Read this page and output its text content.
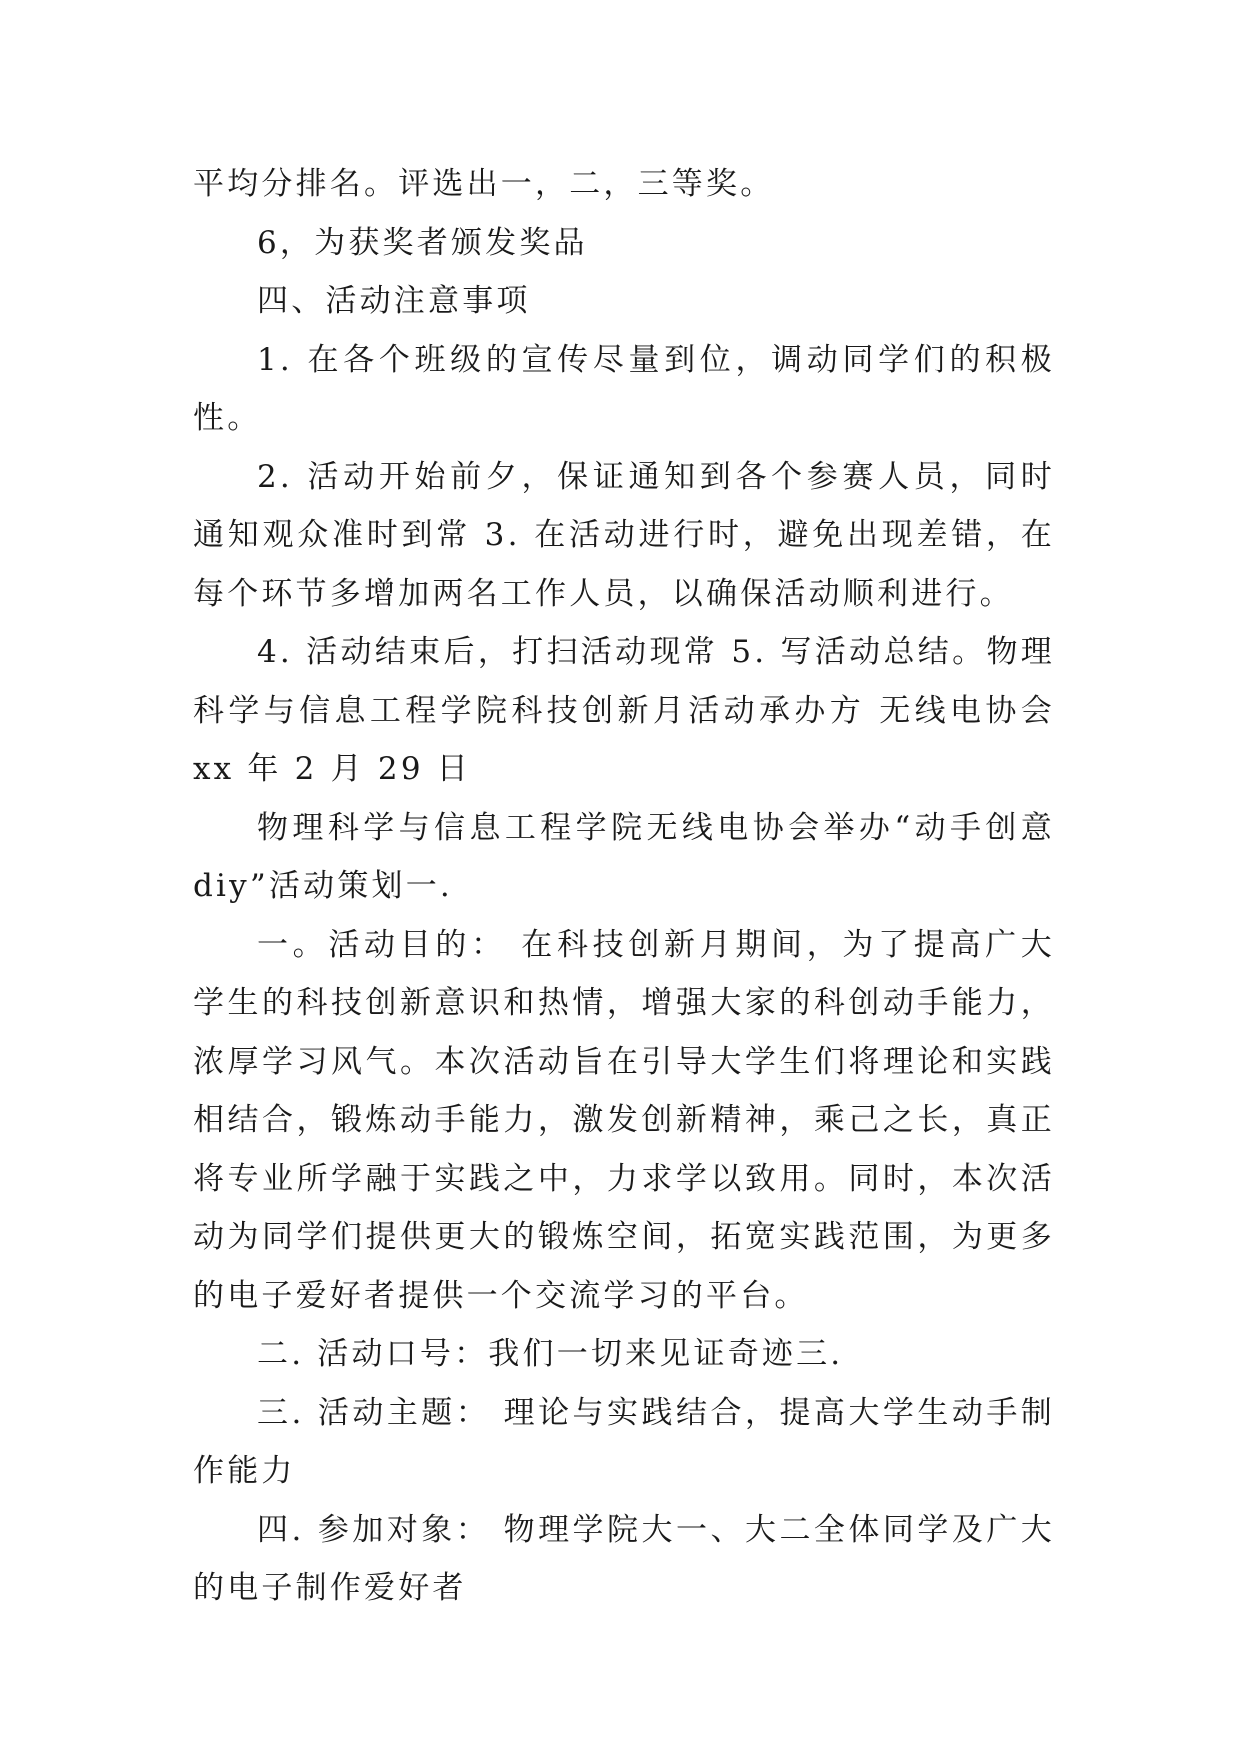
平均分排名。评选出一，二，三等奖。

6，为获奖者颁发奖品

四、活动注意事项

1. 在各个班级的宣传尽量到位，调动同学们的积极性。

2. 活动开始前夕，保证通知到各个参赛人员，同时通知观众准时到常 3. 在活动进行时，避免出现差错，在每个环节多增加两名工作人员，以确保活动顺利进行。

4. 活动结束后，打扫活动现常 5. 写活动总结。物理科学与信息工程学院科技创新月活动承办方 无线电协会 xx 年 2 月 29 日

物理科学与信息工程学院无线电协会举办“动手创意 diy”活动策划一.

一。活动目的： 在科技创新月期间，为了提高广大学生的科技创新意识和热情，增强大家的科创动手能力，浓厚学习风气。本次活动旨在引导大学生们将理论和实践相结合，锻炼动手能力，激发创新精神，乘己之长，真正将专业所学融于实践之中，力求学以致用。同时，本次活动为同学们提供更大的锻炼空间，拓宽实践范围，为更多的电子爱好者提供一个交流学习的平台。

二. 活动口号：我们一切来见证奇迹三.

三. 活动主题： 理论与实践结合，提高大学生动手制作能力

四. 参加对象： 物理学院大一、大二全体同学及广大的电子制作爱好者
